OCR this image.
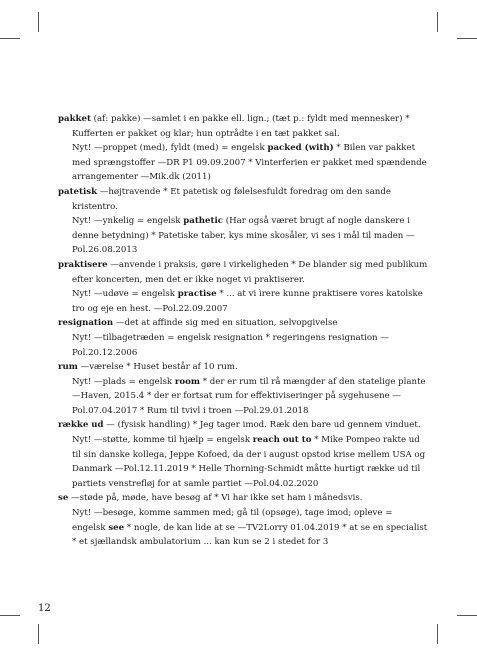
pakket (af: pakke) —samlet i en pakke ell. lign.; (tæt p.: fyldt med mennesker) * Kufferten er pakket og klar; hun optrådte i en tæt pakket sal.

Nyt! —proppet (med), fyldt (med) = engelsk packed (with) * Bilen var pakket med sprængstoffer —DR P1 09.09.2007 * Vinterferien er pakket med spændende arrangementer —Mik.dk (2011)

patetisk —højtravende * Et patetisk og følelsesfuldt foredrag om den sande kristentro.

Nyt! —ynkelig = engelsk pathetic (Har også været brugt af nogle danskere i denne betydning) * Patetiske taber, kys mine skosåler, vi ses i mål til maden —Pol.26.08.2013

praktisere —anvende i praksis, gøre i virkeligheden * De blander sig med publikum efter koncerten, men det er ikke noget vi praktiserer.

Nyt! —udøve = engelsk practise * ... at vi ìrere kunne praktisere vores katolske tro og eje en hest. —Pol.22.09.2007

resignation —det at affinde sig med en situation, selvopgivelse

Nyt! —tilbagetræden = engelsk resignation * regeringens resignation —Pol.20.12.2006

rum —værelse * Huset består af 10 rum.

Nyt! —plads = engelsk room * der er rum til rå mængder af den statelige plante —Haven, 2015.4 * der er fortsat rum for effektiviseringer på sygehusene —Pol.07.04.2017 * Rum til tvivl i troen —Pol.29.01.2018

række ud — (fysisk handling) * Jeg tager imod. Ræk den bare ud gennem vinduet.

Nyt! —støtte, komme til hjælp = engelsk reach out to * Mike Pompeo rakte ud til sin danske kollega, Jeppe Kofoed, da der i august opstod krise mellem USA og Danmark —Pol.12.11.2019 * Helle Thorning-Schmidt måtte hurtigt række ud til partiets venstrefløj for at samle partiet —Pol.04.02.2020

se —støde på, møde, have besøg af * Vi har ikke set ham i månedsvis.

Nyt! —besøge, komme sammen med; gå til (opsøge), tage imod; opleve = engelsk see * nogle, de kan lide at se —TV2Lorry 01.04.2019 * at se en specialist * et sjællandsk ambulatorium ... kan kun se 2 i stedet for 3

12
